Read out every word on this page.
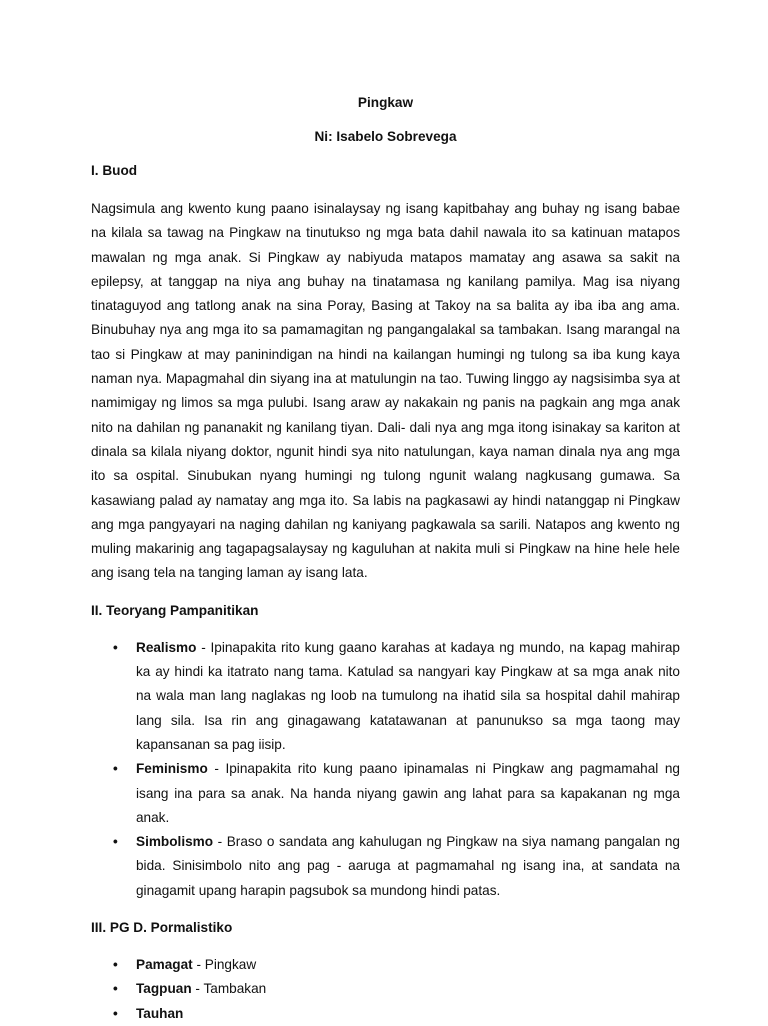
Pingkaw

Ni: Isabelo Sobrevega

I. Buod

Nagsimula ang kwento kung paano isinalaysay ng isang kapitbahay ang buhay ng isang babae na kilala sa tawag na Pingkaw na tinutukso ng mga bata dahil nawala ito sa katinuan matapos mawalan ng mga anak. Si Pingkaw ay nabiyuda matapos mamatay ang asawa sa sakit na epilepsy, at tanggap na niya ang buhay na tinatamasa ng kanilang pamilya. Mag isa niyang tinataguyod ang tatlong anak na sina Poray, Basing at Takoy na sa balita ay iba iba ang ama. Binubuhay nya ang mga ito sa pamamagitan ng pangangalakal sa tambakan. Isang marangal na tao si Pingkaw at may paninindigan na hindi na kailangan humingi ng tulong sa iba kung kaya naman nya. Mapagmahal din siyang ina at matulungin na tao. Tuwing linggo ay nagsisimba sya at namimigay ng limos sa mga pulubi. Isang araw ay nakakain ng panis na pagkain ang mga anak nito na dahilan ng pananakit ng kanilang tiyan. Dali- dali nya ang mga itong isinakay sa kariton at dinala sa kilala niyang doktor, ngunit hindi sya nito natulungan, kaya naman dinala nya ang mga ito sa ospital. Sinubukan nyang humingi ng tulong ngunit walang nagkusang gumawa. Sa kasawiang palad ay namatay ang mga ito. Sa labis na pagkasawi ay hindi natanggap ni Pingkaw ang mga pangyayari na naging dahilan ng kaniyang pagkawala sa sarili. Natapos ang kwento ng muling makarinig ang tagapagsalaysay ng kaguluhan at nakita muli si Pingkaw na hine hele hele ang isang tela na tanging laman ay isang lata.

II. Teoryang Pampanitikan

• Realismo - Ipinapakita rito kung gaano karahas at kadaya ng mundo, na kapag mahirap ka ay hindi ka itatrato nang tama. Katulad sa nangyari kay Pingkaw at sa mga anak nito na wala man lang naglakas ng loob na tumulong na ihatid sila sa hospital dahil mahirap lang sila. Isa rin ang ginagawang katatawanan at panunukso sa mga taong may kapansanan sa pag iisip.
• Feminismo - Ipinapakita rito kung paano ipinamalas ni Pingkaw ang pagmamahal ng isang ina para sa anak. Na handa niyang gawin ang lahat para sa kapakanan ng mga anak.
• Simbolismo - Braso o sandata ang kahulugan ng Pingkaw na siya namang pangalan ng bida. Sinisimbolo nito ang pag - aaruga at pagmamahal ng isang ina, at sandata na ginagamit upang harapin pagsubok sa mundong hindi patas.

III. PG D. Pormalistiko

• Pamagat - Pingkaw
• Tagpuan - Tambakan
• Tauhan
